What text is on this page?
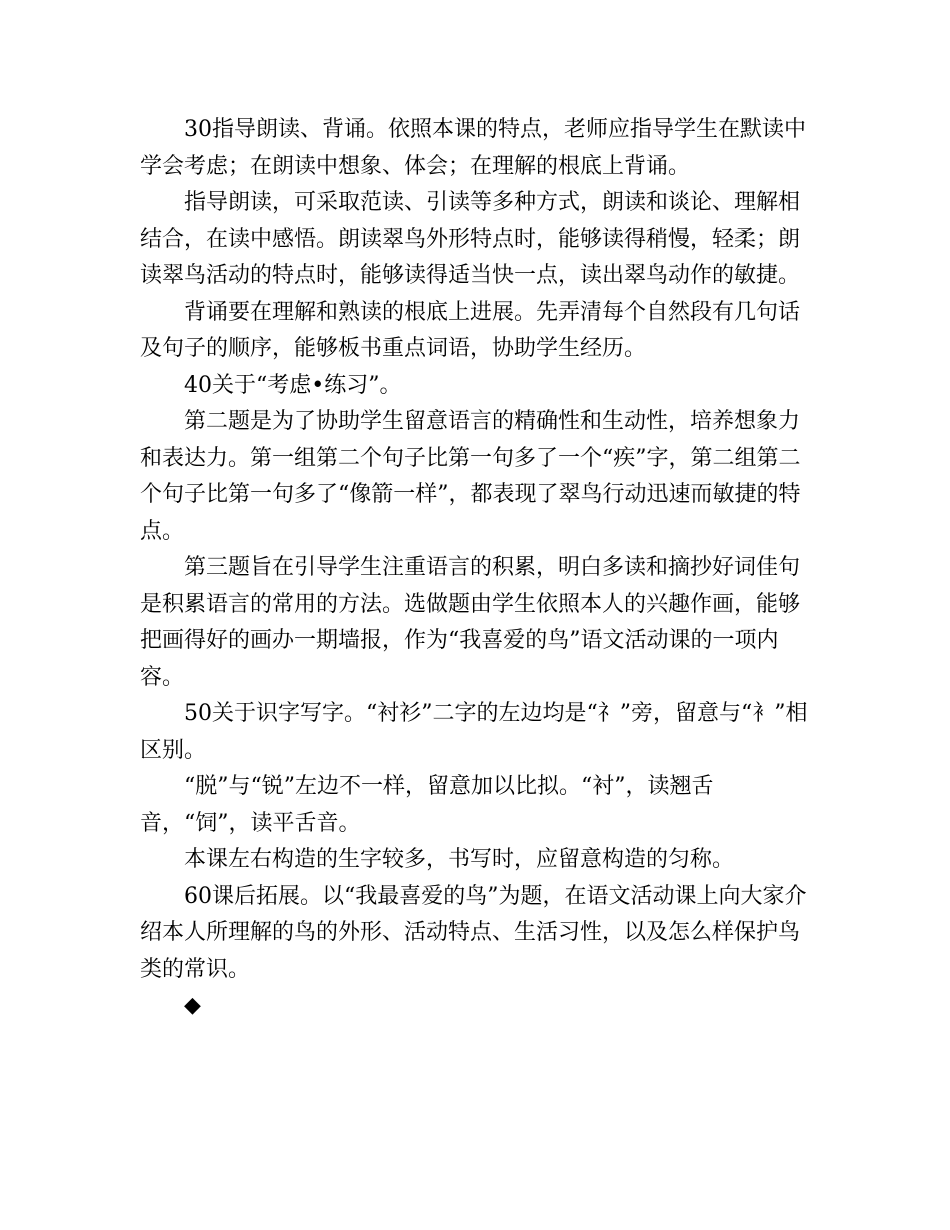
30指导朗读、背诵。依照本课的特点，老师应指导学生在默读中学会考虑；在朗读中想象、体会；在理解的根底上背诵。

指导朗读，可采取范读、引读等多种方式，朗读和谈论、理解相结合，在读中感悟。朗读翠鸟外形特点时，能够读得稍慢，轻柔；朗读翠鸟活动的特点时，能够读得适当快一点，读出翠鸟动作的敏捷。

背诵要在理解和熟读的根底上进展。先弄清每个自然段有几句话及句子的顺序，能够板书重点词语，协助学生经历。

40关于“考虑•练习”。

第二题是为了协助学生留意语言的精确性和生动性，培养想象力和表达力。第一组第二个句子比第一句多了一个“疾”字，第二组第二个句子比第一句多了“像箭一样”，都表现了翠鸟行动迅速而敏捷的特点。

第三题旨在引导学生注重语言的积累，明白多读和摘抄好词佳句是积累语言的常用的方法。选做题由学生依照本人的兴趣作画，能够把画得好的画办一期墙报，作为“我喜爱的鸟”语文活动课的一项内容。

50关于识字写字。“衬衫”二字的左边均是“礻”旁，留意与“衤”相区别。

“脱”与“锐”左边不一样，留意加以比拟。“衬”，读翘舌音，“饲”，读平舌音。

本课左右构造的生字较多，书写时，应留意构造的匀称。

60课后拓展。以“我最喜爱的鸟”为题，在语文活动课上向大家介绍本人所理解的鸟的外形、活动特点、生活习性，以及怎么样保护鸟类的常识。

◆
